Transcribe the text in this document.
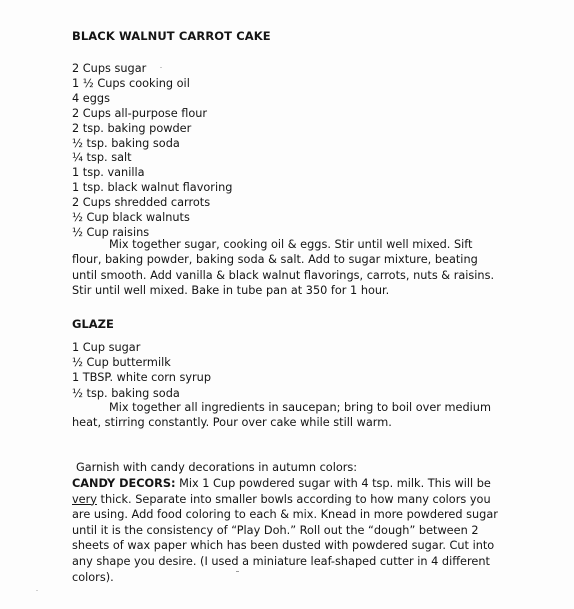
BLACK WALNUT CARROT CAKE
2 Cups sugar
1 ½ Cups cooking oil
4 eggs
2 Cups all-purpose flour
2 tsp. baking powder
½ tsp. baking soda
¼ tsp. salt
1 tsp. vanilla
1 tsp. black walnut flavoring
2 Cups shredded carrots
½ Cup black walnuts
½ Cup raisins

Mix together sugar, cooking oil & eggs. Stir until well mixed. Sift flour, baking powder, baking soda & salt. Add to sugar mixture, beating until smooth. Add vanilla & black walnut flavorings, carrots, nuts & raisins. Stir until well mixed. Bake in tube pan at 350 for 1 hour.

GLAZE
1 Cup sugar
½ Cup buttermilk
1 TBSP. white corn syrup
½ tsp. baking soda

Mix together all ingredients in saucepan; bring to boil over medium heat, stirring constantly. Pour over cake while still warm.

Garnish with candy decorations in autumn colors:

CANDY DECORS: Mix 1 Cup powdered sugar with 4 tsp. milk. This will be very thick. Separate into smaller bowls according to how many colors you are using. Add food coloring to each & mix. Knead in more powdered sugar until it is the consistency of “Play Doh.” Roll out the “dough” between 2 sheets of wax paper which has been dusted with powdered sugar. Cut into any shape you desire. (I used a miniature leaf-shaped cutter in 4 different colors).
